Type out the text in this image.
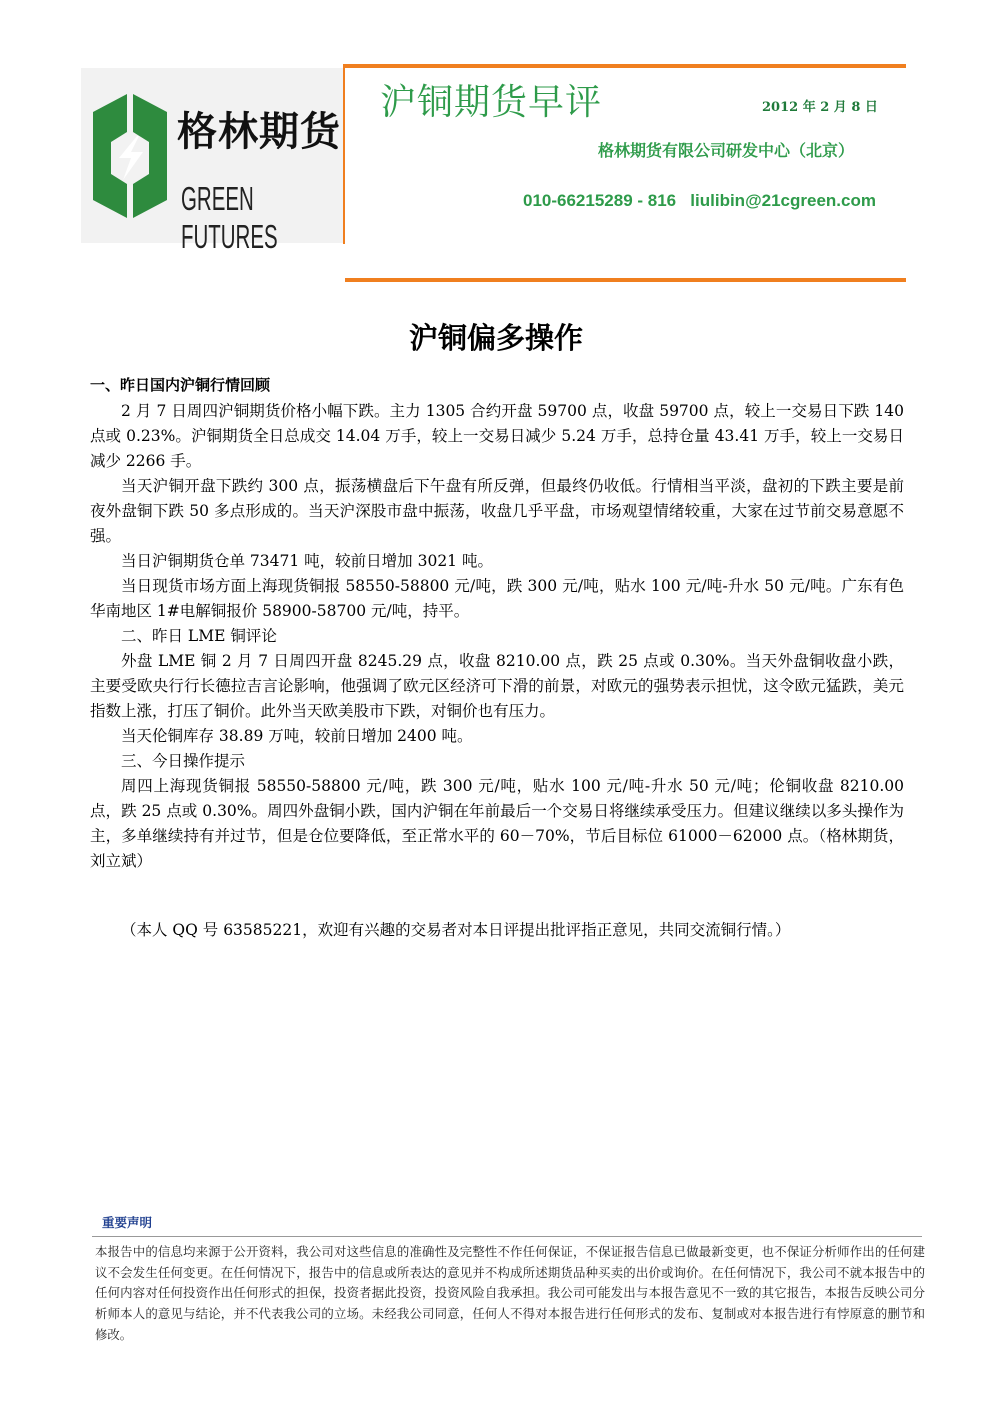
格林期货
GREEN FUTURES
沪铜期货早评	2012 年 2 月 8 日
格林期货有限公司研发中心（北京）
010-66215289 - 816   liulibin@21cgreen.com
沪铜偏多操作
一、昨日国内沪铜行情回顾

2 月 7 日周四沪铜期货价格小幅下跌。主力 1305 合约开盘 59700 点，收盘 59700 点，较上一交易日下跌 140 点或 0.23%。沪铜期货全日总成交 14.04 万手，较上一交易日减少 5.24 万手，总持仓量 43.41 万手，较上一交易日减少 2266 手。

当天沪铜开盘下跌约 300 点，振荡横盘后下午盘有所反弹，但最终仍收低。行情相当平淡，盘初的下跌主要是前夜外盘铜下跌 50 多点形成的。当天沪深股市盘中振荡，收盘几乎平盘，市场观望情绪较重，大家在过节前交易意愿不强。

当日沪铜期货仓单 73471 吨，较前日增加 3021 吨。

当日现货市场方面上海现货铜报 58550-58800 元/吨，跌 300 元/吨，贴水 100 元/吨-升水 50 元/吨。广东有色华南地区 1#电解铜报价 58900-58700 元/吨，持平。

二、昨日 LME 铜评论

外盘 LME 铜 2 月 7 日周四开盘 8245.29 点，收盘 8210.00 点，跌 25 点或 0.30%。当天外盘铜收盘小跌，主要受欧央行行长德拉吉言论影响，他强调了欧元区经济可下滑的前景，对欧元的强势表示担忧，这令欧元猛跌，美元指数上涨，打压了铜价。此外当天欧美股市下跌，对铜价也有压力。

当天伦铜库存 38.89 万吨，较前日增加 2400 吨。

三、今日操作提示

周四上海现货铜报 58550-58800 元/吨，跌 300 元/吨，贴水 100 元/吨-升水 50 元/吨；伦铜收盘 8210.00 点，跌 25 点或 0.30%。周四外盘铜小跌，国内沪铜在年前最后一个交易日将继续承受压力。但建议继续以多头操作为主，多单继续持有并过节，但是仓位要降低，至正常水平的 60－70%，节后目标位 61000－62000 点。（格林期货，刘立斌）

（本人 QQ 号 63585221，欢迎有兴趣的交易者对本日评提出批评指正意见，共同交流铜行情。）
重要声明
本报告中的信息均来源于公开资料，我公司对这些信息的准确性及完整性不作任何保证，不保证报告信息已做最新变更，也不保证分析师作出的任何建议不会发生任何变更。在任何情况下，报告中的信息或所表达的意见并不构成所述期货品种买卖的出价或询价。在任何情况下，我公司不就本报告中的任何内容对任何投资作出任何形式的担保，投资者据此投资，投资风险自我承担。我公司可能发出与本报告意见不一致的其它报告，本报告反映公司分析师本人的意见与结论，并不代表我公司的立场。未经我公司同意，任何人不得对本报告进行任何形式的发布、复制或对本报告进行有悖原意的删节和修改。
